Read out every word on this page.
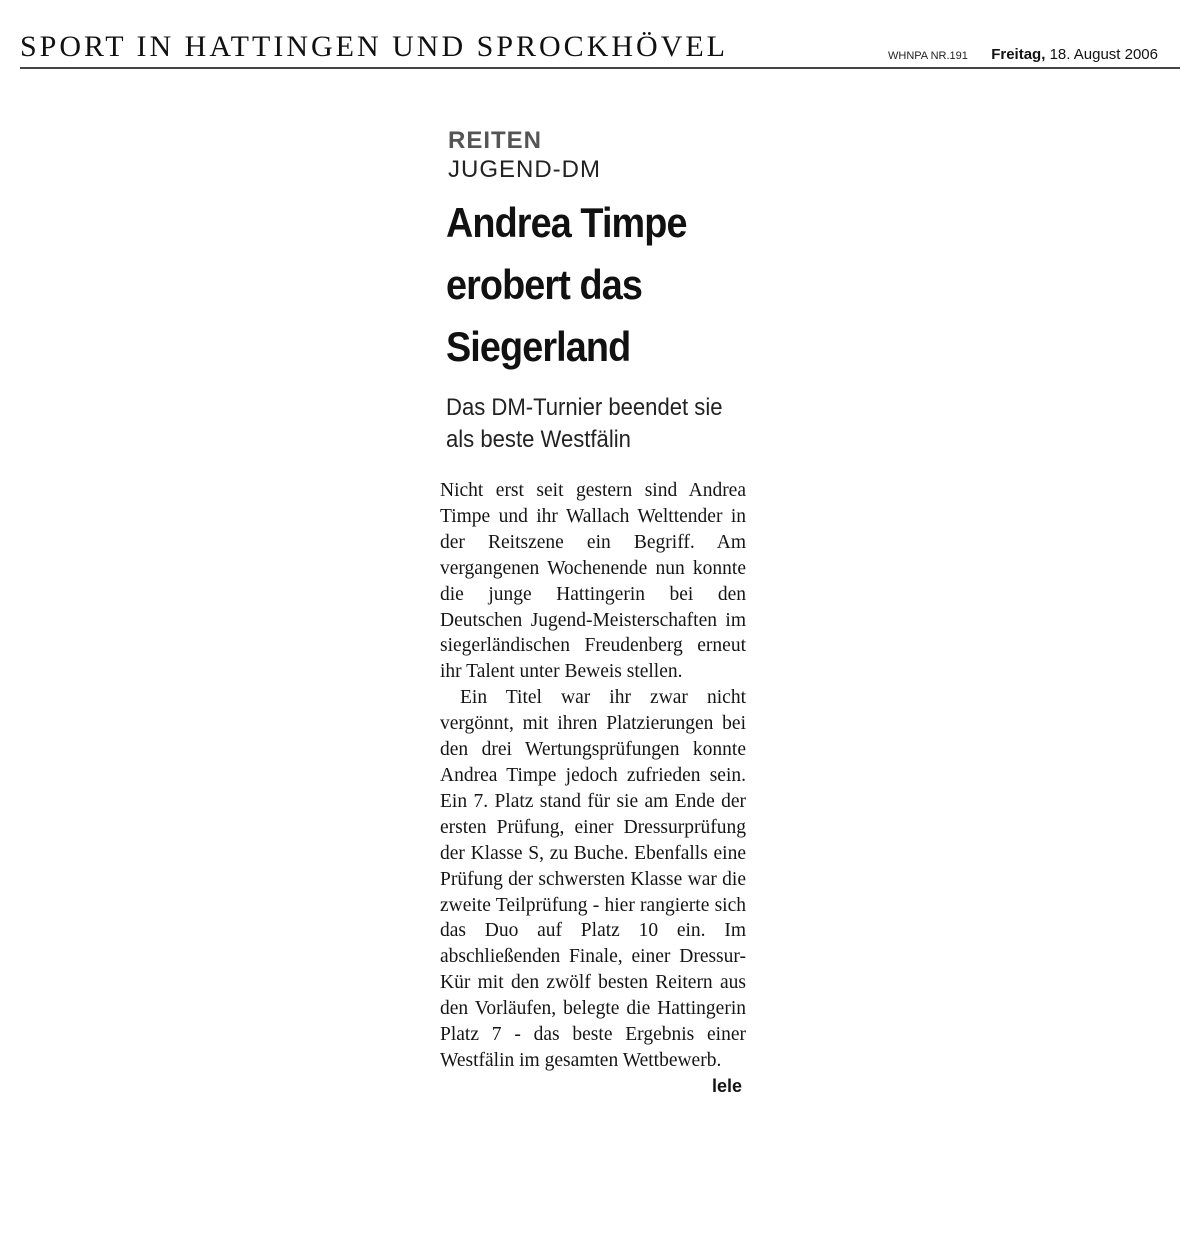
SPORT IN HATTINGEN UND SPROCKHÖVEL	WHNPA NR.191 Freitag, 18. August 2006
REITEN
JUGEND-DM
Andrea Timpe erobert das Siegerland
Das DM-Turnier beendet sie als beste Westfälin

Nicht erst seit gestern sind Andrea Timpe und ihr Wallach Welttender in der Reitszene ein Begriff. Am vergangenen Wochenende nun konnte die junge Hattingerin bei den Deutschen Jugend-Meisterschaften im siegerländischen Freudenberg erneut ihr Talent unter Beweis stellen.

Ein Titel war ihr zwar nicht vergönnt, mit ihren Platzierungen bei den drei Wertungsprüfungen konnte Andrea Timpe jedoch zufrieden sein. Ein 7. Platz stand für sie am Ende der ersten Prüfung, einer Dressurprüfung der Klasse S, zu Buche. Ebenfalls eine Prüfung der schwersten Klasse war die zweite Teilprüfung - hier rangierte sich das Duo auf Platz 10 ein. Im abschließenden Finale, einer Dressur-Kür mit den zwölf besten Reitern aus den Vorläufen, belegte die Hattingerin Platz 7 - das beste Ergebnis einer Westfälin im gesamten Wettbewerb.
lele
